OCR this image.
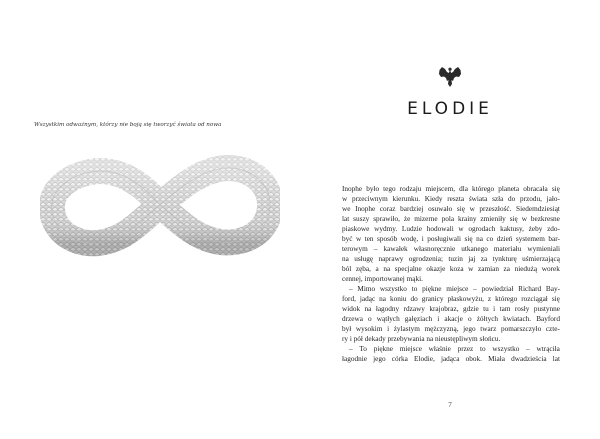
Wszystkim odważnym, którzy nie boją się tworzyć świata od nowa
ELODIE
Inophe było tego rodzaju miejscem, dla którego planeta obracała się
w przeciwnym kierunku. Kiedy reszta świata szła do przodu, jało-
we Inophe coraz bardziej osuwało się w przeszłość. Siedemdziesiąt
lat suszy sprawiło, że mizerne pola krainy zmieniły się w bezkresne
piaskowe wydmy. Ludzie hodowali w ogrodach kaktusy, żeby zdo-
być w ten sposób wodę, i posługiwali się na co dzień systemem bar-
terowym – kawałek własnoręcznie utkanego materiału wymieniali
na usługę naprawy ogrodzenia; tuzin jaj za tynkturę uśmierzającą
ból zęba, a na specjalne okazje koza w zamian za niedużą worek
cennej, importowanej mąki.
– Mimo wszystko to piękne miejsce – powiedział Richard Bay-
ford, jadąc na koniu do granicy płaskowyżu, z którego rozciągał się
widok na łagodny rdzawy krajobraz, gdzie tu i tam rosły pustynne
drzewa o wątłych gałęziach i akacje o żółtych kwiatach. Bayford
był wysokim i żylastym mężczyzną, jego twarz pomarszczyło czte-
ry i pół dekady przebywania na nieustępliwym słońcu.
– To piękne miejsce właśnie przez to wszystko – wtrąciła
łagodnie jego córka Elodie, jadąca obok. Miała dwadzieścia lat
7
